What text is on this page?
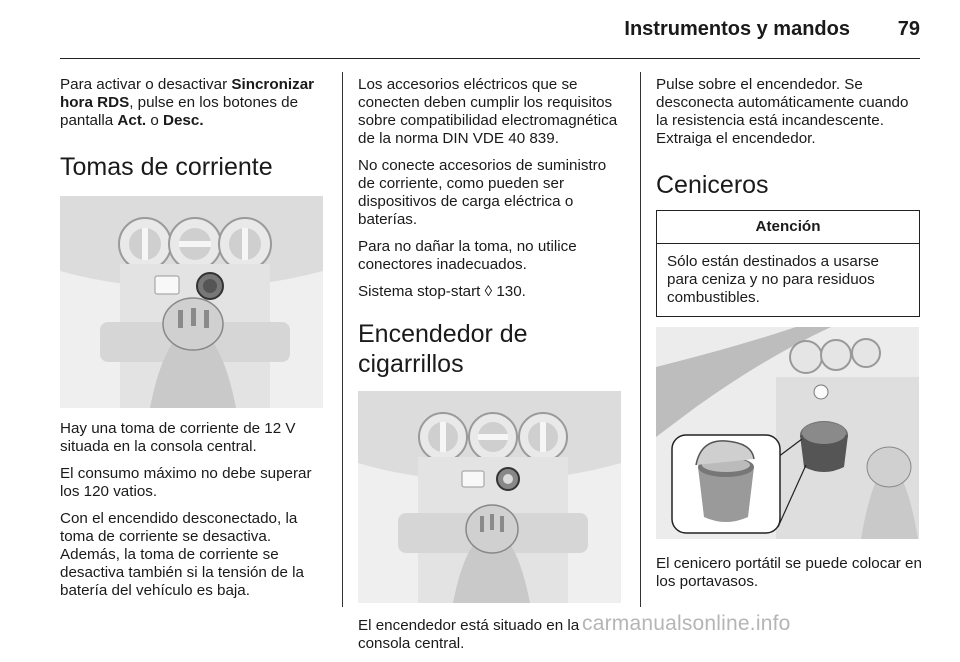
Instrumentos y mandos	79

Para activar o desactivar Sincronizar hora RDS, pulse en los botones de pantalla Act. o Desc.

Tomas de corriente

Hay una toma de corriente de 12 V situada en la consola central.

El consumo máximo no debe superar los 120 vatios.

Con el encendido desconectado, la toma de corriente se desactiva. Además, la toma de corriente se desactiva también si la tensión de la batería del vehículo es baja.

Los accesorios eléctricos que se conecten deben cumplir los requisitos sobre compatibilidad electromagnética de la norma DIN VDE 40 839.

No conecte accesorios de suministro de corriente, como pueden ser dispositivos de carga eléctrica o baterías.

Para no dañar la toma, no utilice conectores inadecuados.

Sistema stop-start ◊ 130.

Encendedor de cigarrillos

El encendedor está situado en la consola central.

Pulse sobre el encendedor. Se desconecta automáticamente cuando la resistencia está incandescente. Extraiga el encendedor.

Ceniceros
Atención
Sólo están destinados a usarse para ceniza y no para residuos combustibles.

El cenicero portátil se puede colocar en los portavasos.

carmanualsonline.info
